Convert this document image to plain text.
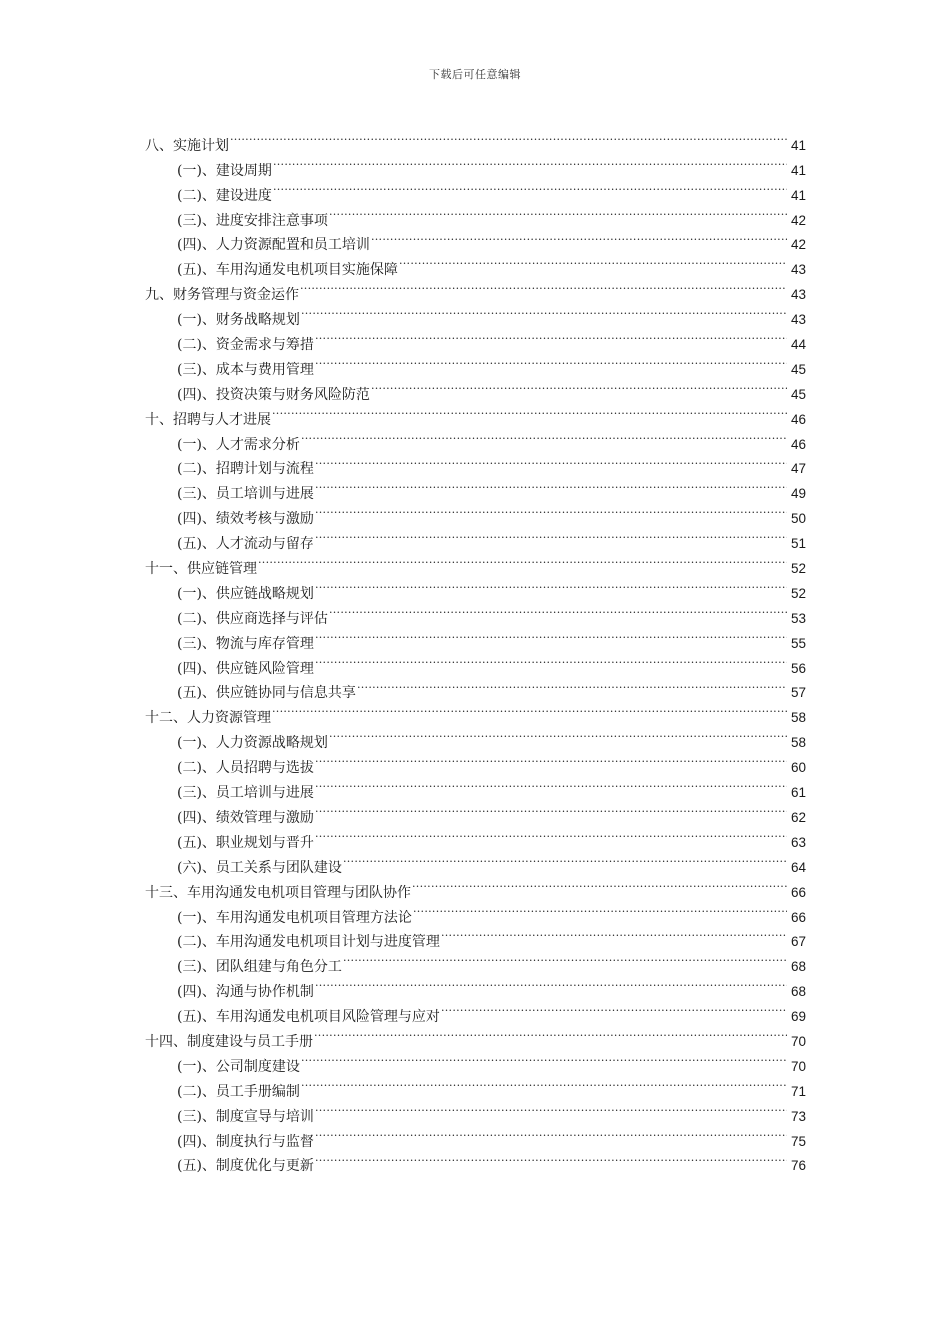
下载后可任意编辑
八、实施计划 .....	41
(一)、建设周期 .....	41
(二)、建设进度 .....	41
(三)、进度安排注意事项 .....	42
(四)、人力资源配置和员工培训 .....	42
(五)、车用沟通发电机项目实施保障 .....	43
九、财务管理与资金运作 .....	43
(一)、财务战略规划 .....	43
(二)、资金需求与筹措 .....	44
(三)、成本与费用管理 .....	45
(四)、投资决策与财务风险防范 .....	45
十、招聘与人才进展 .....	46
(一)、人才需求分析 .....	46
(二)、招聘计划与流程 .....	47
(三)、员工培训与进展 .....	49
(四)、绩效考核与激励 .....	50
(五)、人才流动与留存 .....	51
十一、供应链管理 .....	52
(一)、供应链战略规划 .....	52
(二)、供应商选择与评估 .....	53
(三)、物流与库存管理 .....	55
(四)、供应链风险管理 .....	56
(五)、供应链协同与信息共享 .....	57
十二、人力资源管理 .....	58
(一)、人力资源战略规划 .....	58
(二)、人员招聘与选拔 .....	60
(三)、员工培训与进展 .....	61
(四)、绩效管理与激励 .....	62
(五)、职业规划与晋升 .....	63
(六)、员工关系与团队建设 .....	64
十三、车用沟通发电机项目管理与团队协作 .....	66
(一)、车用沟通发电机项目管理方法论 .....	66
(二)、车用沟通发电机项目计划与进度管理 .....	67
(三)、团队组建与角色分工 .....	68
(四)、沟通与协作机制 .....	68
(五)、车用沟通发电机项目风险管理与应对 .....	69
十四、制度建设与员工手册 .....	70
(一)、公司制度建设 .....	70
(二)、员工手册编制 .....	71
(三)、制度宣导与培训 .....	73
(四)、制度执行与监督 .....	75
(五)、制度优化与更新 .....	76
